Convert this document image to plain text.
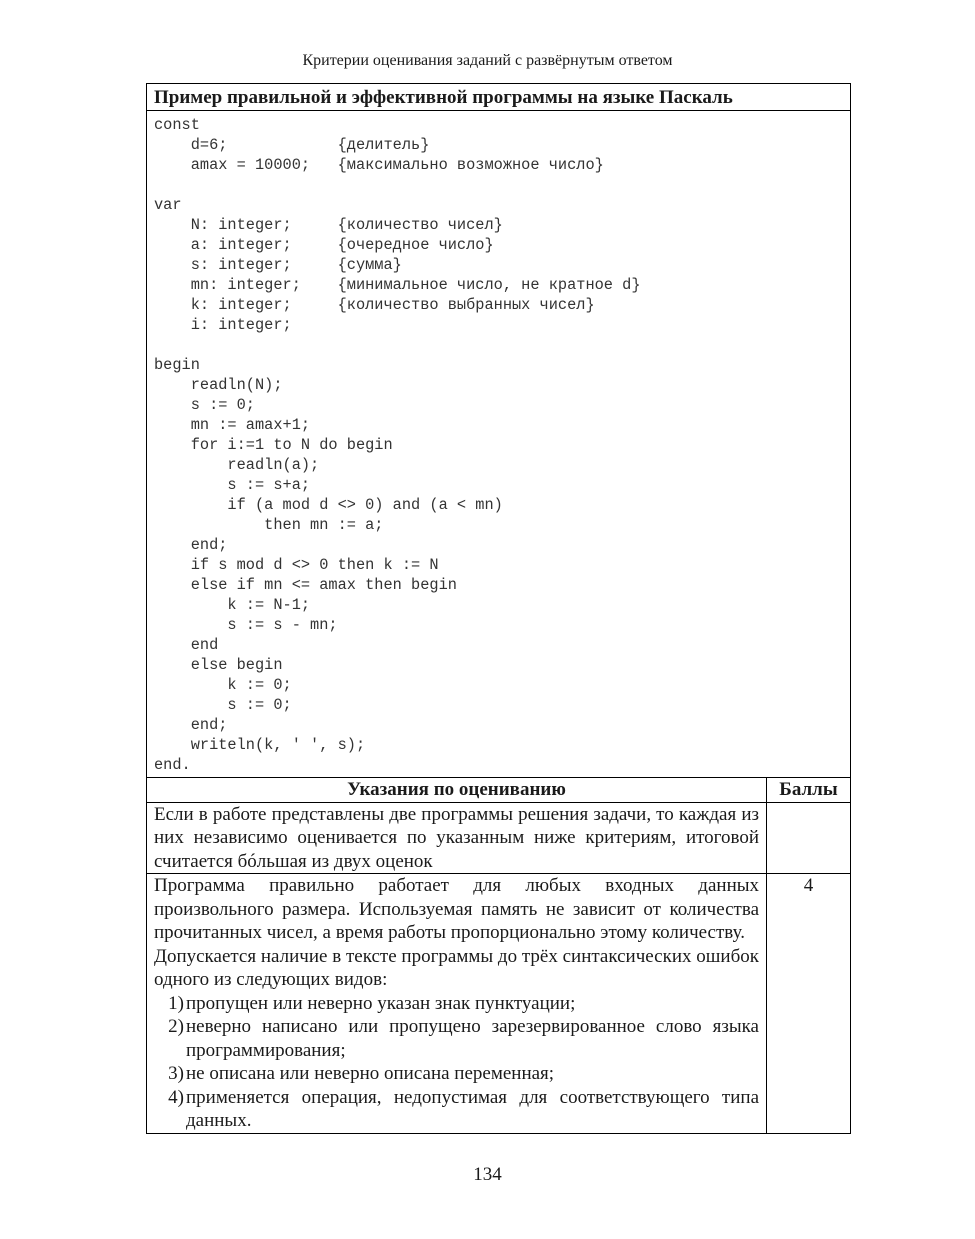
Критерии оценивания заданий с развёрнутым ответом
Пример правильной и эффективной программы на языке Паскаль
const
d=6;            {делитель}
amax = 10000;   {максимально возможное число}

var
N: integer;     {количество чисел}
a: integer;     {очередное число}
s: integer;     {сумма}
mn: integer;    {минимальное число, не кратное d}
k: integer;     {количество выбранных чисел}
i: integer;

begin
readln(N);
s := 0;
mn := amax+1;
for i:=1 to N do begin
readln(a);
s := s+a;
if (a mod d <> 0) and (a < mn)
then mn := a;
end;
if s mod d <> 0 then k := N
else if mn <= amax then begin
k := N-1;
s := s - mn;
end
else begin
k := 0;
s := 0;
end;
writeln(k, ' ', s);
end.
Указания по оцениванию	Баллы
Если в работе представлены две программы решения задачи, то каждая из них независимо оценивается по указанным ниже критериям, итоговой считается бóльшая из двух оценок
Программа правильно работает для любых входных данных произвольного размера. Используемая память не зависит от количества прочитанных чисел, а время работы пропорционально этому количеству.
Допускается наличие в тексте программы до трёх синтаксических ошибок одного из следующих видов:
1) пропущен или неверно указан знак пунктуации;
2) неверно написано или пропущено зарезервированное слово языка программирования;
3) не описана или неверно описана переменная;
4) применяется операция, недопустимая для соответствующего типа данных.
4
134
